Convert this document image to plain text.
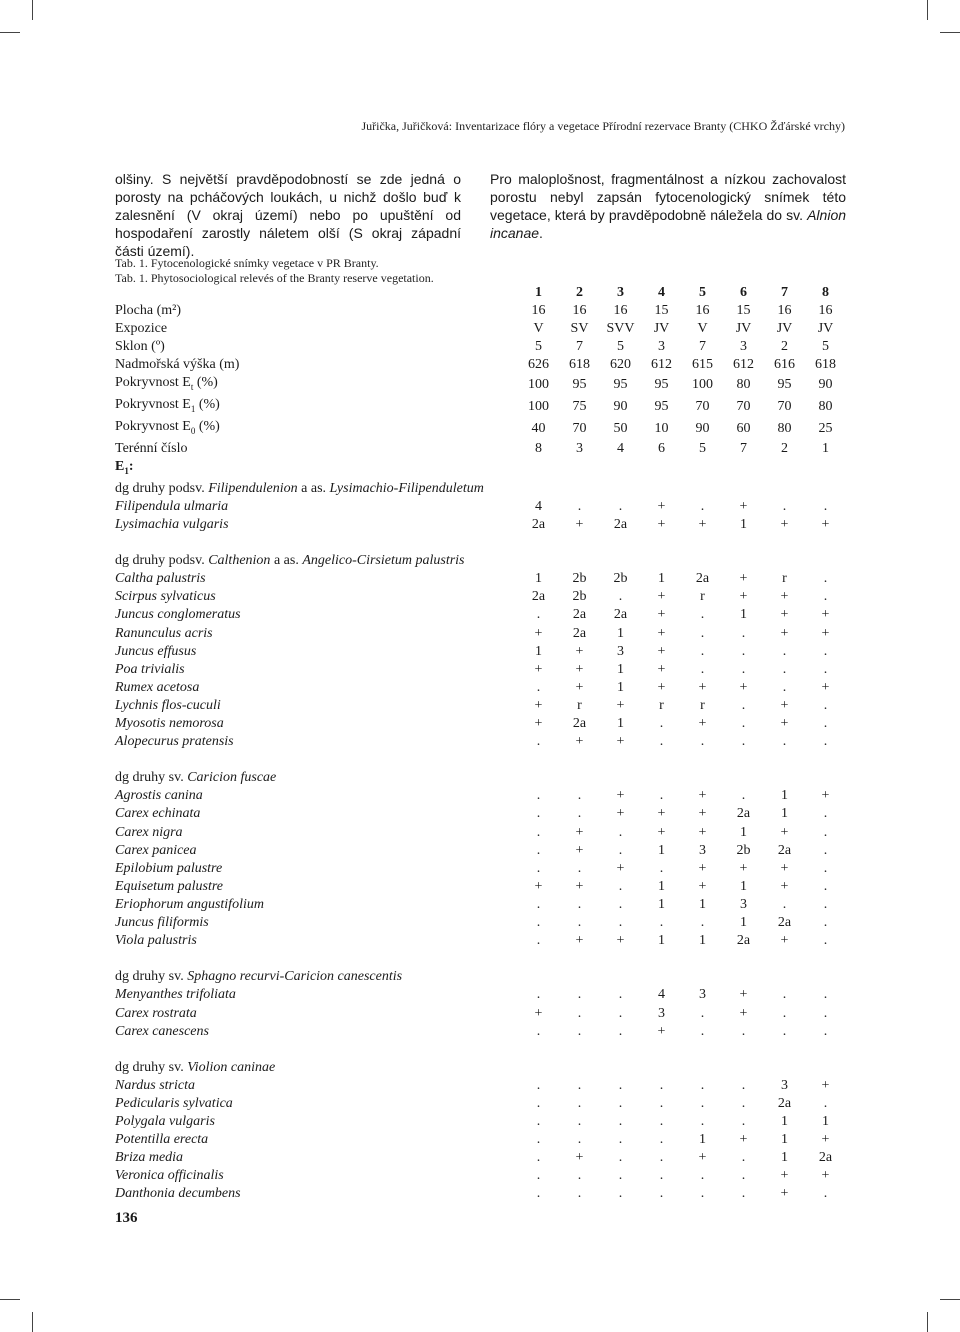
Juřička, Juřičková: Inventarizace flóry a vegetace Přírodní rezervace Branty (CHKO Žďárské vrchy)

olšiny. S největší pravděpodobností se zde jedná o porosty na pcháčových loukách, u nichž došlo buď k zalesnění (V okraj území) nebo po upuštění od hospodaření zarostly náletem olší (S okraj západní části území).

Pro maloplošnost, fragmentálnost a nízkou zachovalost porostu nebyl zapsán fytocenologický snímek této vegetace, která by pravděpodobně náležela do sv. Alnion incanae.

Tab. 1. Fytocenologické snímky vegetace v PR Branty.
Tab. 1. Phytosociological relevés of the Branty reserve vegetation.
	1	2	3	4	5	6	7	8
Plocha (m²)	16	16	16	15	16	15	16	16
Expozice	V	SV	SVV	JV	V	JV	JV	JV
Sklon (º)	5	7	5	3	7	3	2	5
Nadmořská výška (m)	626	618	620	612	615	612	616	618
Pokryvnost $E_t$ (%)	100	95	95	95	100	80	95	90
Pokryvnost $E_1$ (%)	100	75	90	95	70	70	70	80
Pokryvnost $E_0$ (%)	40	70	50	10	90	60	80	25
Terénní číslo	8	3	4	6	5	7	2	1
$E_1$:								
dg druhy podsv. Filipendulenion a as. Lysimachio-Filipenduletum								
Filipendula ulmaria	4	.	.	+	.	+	.	.
Lysimachia vulgaris	2a	+	2a	+	+	1	+	+

dg druhy podsv. Calthenion a as. Angelico-Cirsietum palustris								
Caltha palustris	1	2b	2b	1	2a	+	r	.
Scirpus sylvaticus	2a	2b	.	+	r	+	+	.
Juncus conglomeratus	.	2a	2a	+	.	1	+	+
Ranunculus acris	+	2a	1	+	.	.	+	+
Juncus effusus	1	+	3	+	.	.	.	.
Poa trivialis	+	+	1	+	.	.	.	.
Rumex acetosa	.	+	1	+	+	+	.	+
Lychnis flos-cuculi	+	r	+	r	r	.	+	.
Myosotis nemorosa	+	2a	1	.	+	.	+	.
Alopecurus pratensis	.	+	+	.	.	.	.	.

dg druhy sv. Caricion fuscae								
Agrostis canina	.	.	+	.	+	.	1	+
Carex echinata	.	.	+	+	+	2a	1	.
Carex nigra	.	+	.	+	+	1	+	.
Carex panicea	.	+	.	1	3	2b	2a	.
Epilobium palustre	.	.	+	.	+	+	+	.
Equisetum palustre	+	+	.	1	+	1	+	.
Eriophorum angustifolium	.	.	.	1	1	3	.	.
Juncus filiformis	.	.	.	.	.	1	2a	.
Viola palustris	.	+	+	1	1	2a	+	.

dg druhy sv. Sphagno recurvi-Caricion canescentis								
Menyanthes trifoliata	.	.	.	4	3	+	.	.
Carex rostrata	+	.	.	3	.	+	.	.
Carex canescens	.	.	.	+	.	.	.	.

dg druhy sv. Violion caninae								
Nardus stricta	.	.	.	.	.	.	3	+
Pedicularis sylvatica	.	.	.	.	.	.	2a	.
Polygala vulgaris	.	.	.	.	.	.	1	1
Potentilla erecta	.	.	.	.	1	+	1	+
Briza media	.	+	.	.	+	.	1	2a
Veronica officinalis	.	.	.	.	.	.	+	+
Danthonia decumbens	.	.	.	.	.	.	+	.
136
